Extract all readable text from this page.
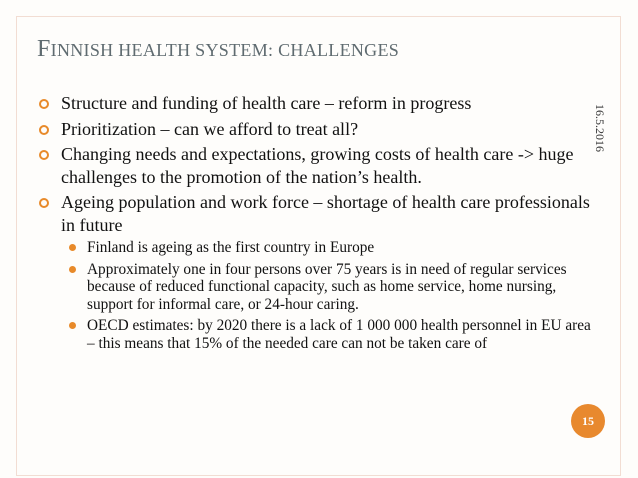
FINNISH HEALTH SYSTEM: CHALLENGES
16.5.2016
Structure and funding of health care – reform in progress
Prioritization – can we afford to treat all?
Changing needs and expectations, growing costs of health care -> huge challenges to the promotion of the nation’s health.
Ageing population and work force – shortage of health care professionals in future
Finland is ageing as the first country in Europe
Approximately one in four persons over 75 years is in need of regular services because of reduced functional capacity, such as home service, home nursing, support for informal care, or 24-hour caring.
OECD estimates: by 2020 there is a lack of 1 000 000 health personnel in EU area – this means that 15% of the needed care can not be taken care of
15
